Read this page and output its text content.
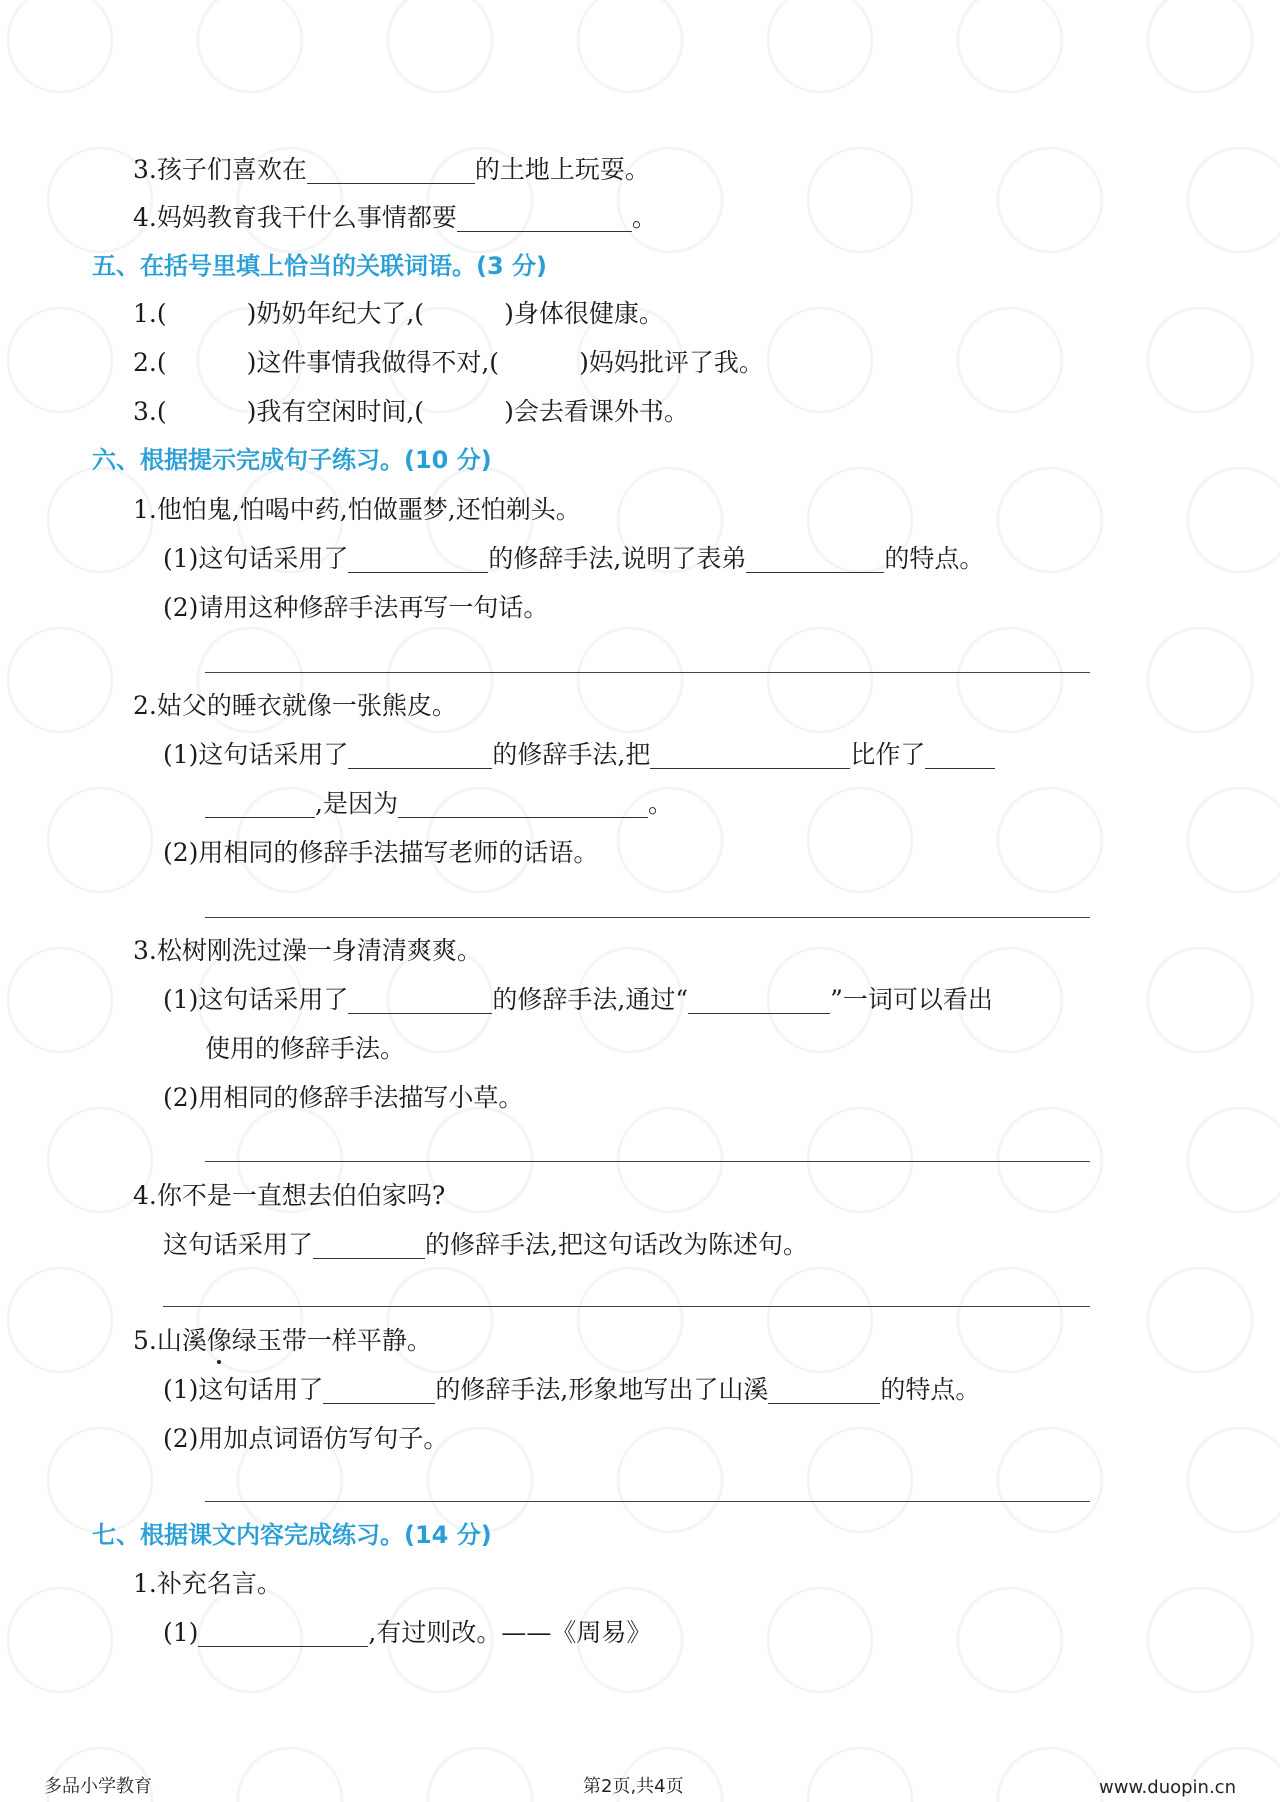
3.孩子们喜欢在	的土地上玩耍。
4.妈妈教育我干什么事情都要	。
五、在括号里填上恰当的关联词语。(3 分)
1.(	)奶奶年纪大了,(	)身体很健康。
2.(	)这件事情我做得不对,(	)妈妈批评了我。
3.(	)我有空闲时间,(	)会去看课外书。
六、根据提示完成句子练习。(10 分)
1.他怕鬼,怕喝中药,怕做噩梦,还怕剃头。
(1)这句话采用了	的修辞手法,说明了表弟	的特点。
(2)请用这种修辞手法再写一句话。
2.姑父的睡衣就像一张熊皮。
(1)这句话采用了	的修辞手法,把	比作了
,是因为	。
(2)用相同的修辞手法描写老师的话语。
3.松树刚洗过澡一身清清爽爽。
(1)这句话采用了	的修辞手法,通过“	”一词可以看出
使用的修辞手法。
(2)用相同的修辞手法描写小草。
4.你不是一直想去伯伯家吗?
这句话采用了	的修辞手法,把这句话改为陈述句。
5.山溪像绿玉带一样平静。
(1)这句话用了	的修辞手法,形象地写出了山溪	的特点。
(2)用加点词语仿写句子。
七、根据课文内容完成练习。(14 分)
1.补充名言。
(1)	,有过则改。——《周易》
多品小学教育	第2页,共4页	www.duopin.cn
